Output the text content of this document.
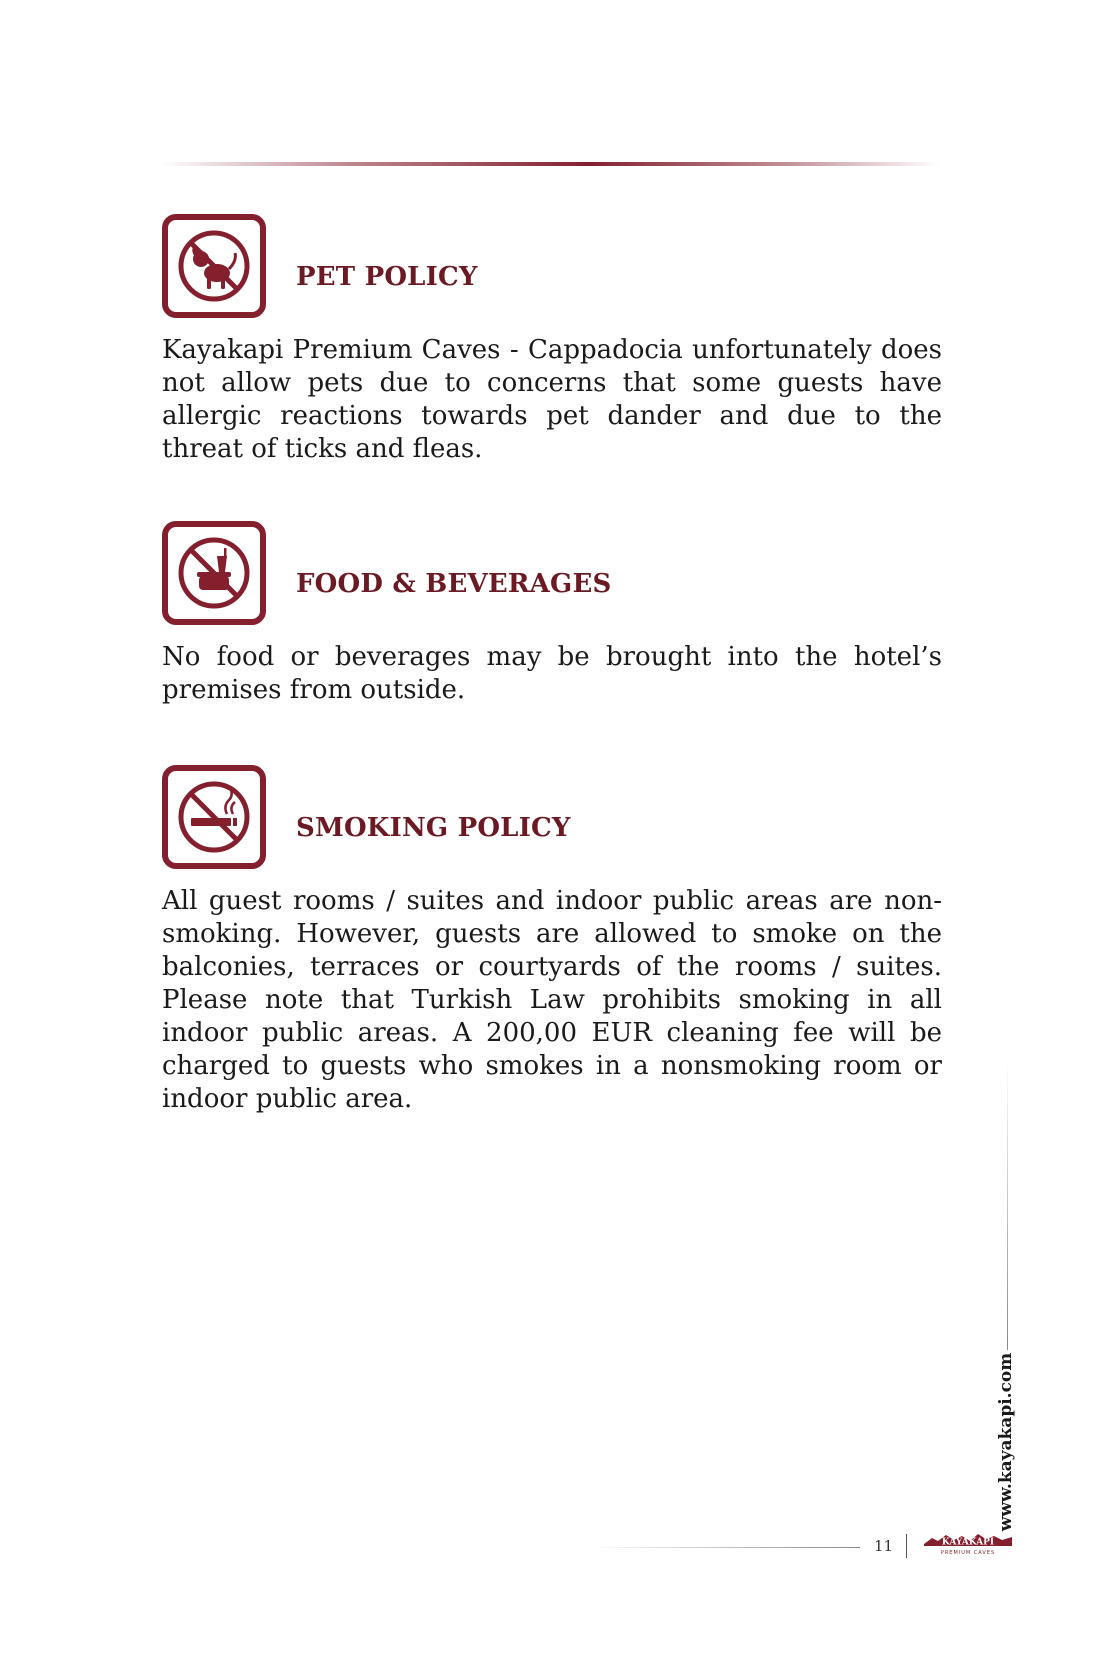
PET POLICY

Kayakapi Premium Caves - Cappadocia unfortunately does not allow pets due to concerns that some guests have allergic reactions towards pet dander and due to the threat of ticks and fleas.

FOOD & BEVERAGES

No food or beverages may be brought into the hotel’s premises from outside.

SMOKING POLICY

All guest rooms / suites and indoor public areas are non-smoking. However, guests are allowed to smoke on the balconies, terraces or courtyards of the rooms / suites. Please note that Turkish Law prohibits smoking in all indoor public areas. A 200,00 EUR cleaning fee will be charged to guests who smokes in a nonsmoking room or indoor public area.

www.kayakapi.com
11	KAYAKAPI
PREMIUM CAVES
